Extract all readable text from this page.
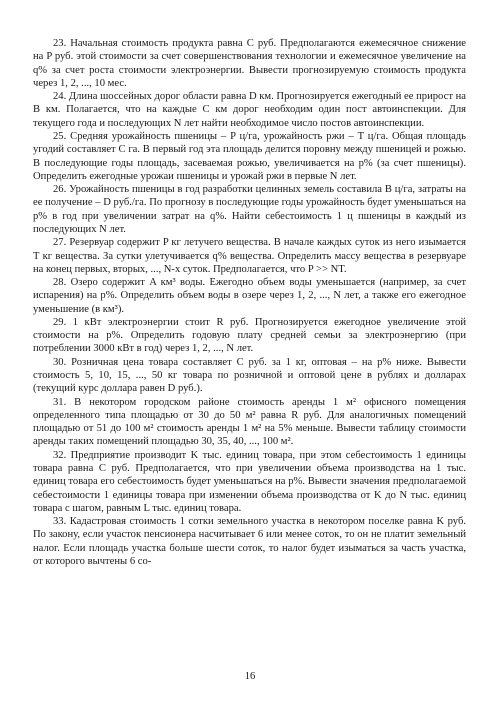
23. Начальная стоимость продукта равна C руб. Предполагаются ежемесячное снижение на P руб. этой стоимости за счет совершенствования технологии и ежемесячное увеличение на q% за счет роста стоимости электроэнергии. Вывести прогнозируемую стоимость продукта через 1, 2, ..., 10 мес.

24. Длина шоссейных дорог области равна D км. Прогнозируется ежегодный ее прирост на B км. Полагается, что на каждые C км дорог необходим один пост автоинспекции. Для текущего года и последующих N лет найти необходимое число постов автоинспекции.

25. Средняя урожайность пшеницы – P ц/га, урожайность ржи – T ц/га. Общая площадь угодий составляет C га. В первый год эта площадь делится поровну между пшеницей и рожью. В последующие годы площадь, засеваемая рожью, увеличивается на p% (за счет пшеницы). Определить ежегодные урожаи пшеницы и урожай ржи в первые N лет.

26. Урожайность пшеницы в год разработки целинных земель составила B ц/га, затраты на ее получение – D руб./га. По прогнозу в последующие годы урожайность будет уменьшаться на p% в год при увеличении затрат на q%. Найти себестоимость 1 ц пшеницы в каждый из последующих N лет.

27. Резервуар содержит P кг летучего вещества. В начале каждых суток из него изымается T кг вещества. За сутки улетучивается q% вещества. Определить массу вещества в резервуаре на конец первых, вторых, ..., N-х суток. Предполагается, что P >> NT.

28. Озеро содержит A км³ воды. Ежегодно объем воды уменьшается (например, за счет испарения) на p%. Определить объем воды в озере через 1, 2, ..., N лет, а также его ежегодное уменьшение (в км³).

29. 1 кВт электроэнергии стоит R руб. Прогнозируется ежегодное увеличение этой стоимости на p%. Определить годовую плату средней семьи за электроэнергию (при потреблении 3000 кВт в год) через 1, 2, ..., N лет.

30. Розничная цена товара составляет C руб. за 1 кг, оптовая – на p% ниже. Вывести стоимость 5, 10, 15, ..., 50 кг товара по розничной и оптовой цене в рублях и долларах (текущий курс доллара равен D руб.).

31. В некотором городском районе стоимость аренды 1 м² офисного помещения определенного типа площадью от 30 до 50 м² равна R руб. Для аналогичных помещений площадью от 51 до 100 м² стоимость аренды 1 м² на 5% меньше. Вывести таблицу стоимости аренды таких помещений площадью 30, 35, 40, ..., 100 м².

32. Предприятие производит K тыс. единиц товара, при этом себестоимость 1 единицы товара равна C руб. Предполагается, что при увеличении объема производства на 1 тыс. единиц товара его себестоимость будет уменьшаться на p%. Вывести значения предполагаемой себестоимости 1 единицы товара при изменении объема производства от K до N тыс. единиц товара с шагом, равным L тыс. единиц товара.

33. Кадастровая стоимость 1 сотки земельного участка в некотором поселке равна K руб. По закону, если участок пенсионера насчитывает 6 или менее соток, то он не платит земельный налог. Если площадь участка больше шести соток, то налог будет изыматься за часть участка, от которого вычтены 6 со-

16
